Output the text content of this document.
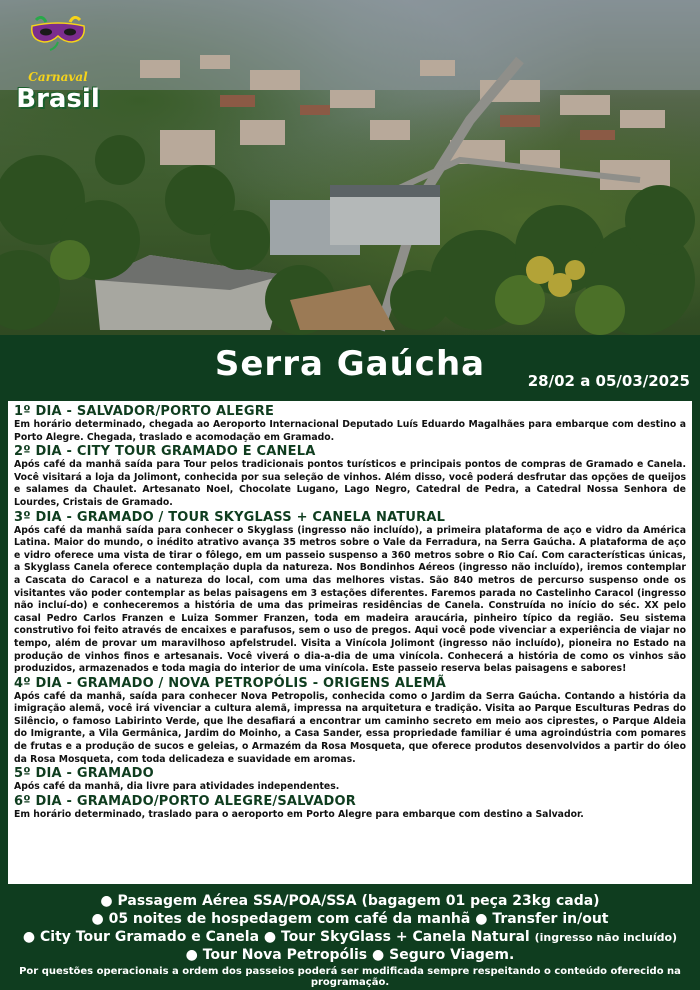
Carnaval
Brasil
Serra Gaúcha	28/02 a 05/03/2025
1º DIA - SALVADOR/PORTO ALEGRE
Em horário determinado, chegada ao Aeroporto Internacional Deputado Luís Eduardo Magalhães para embarque com destino a Porto Alegre. Chegada, traslado e acomodação em Gramado.
2º DIA - CITY TOUR GRAMADO E CANELA
Após café da manhã saída para Tour pelos tradicionais pontos turísticos e principais pontos de compras de Gramado e Canela. Você visitará a loja da Jolimont, conhecida por sua seleção de vinhos. Além disso, você poderá desfrutar das opções de queijos e salames da Chaulet. Artesanato Noel, Chocolate Lugano, Lago Negro, Catedral de Pedra, a Catedral Nossa Senhora de Lourdes, Cristais de Gramado.
3º DIA - GRAMADO / TOUR SKYGLASS + CANELA NATURAL
Após café da manhã saída para conhecer o Skyglass (ingresso não incluído), a primeira plataforma de aço e vidro da América Latina. Maior do mundo, o inédito atrativo avança 35 metros sobre o Vale da Ferradura, na Serra Gaúcha. A plataforma de aço e vidro oferece uma vista de tirar o fôlego, em um passeio suspenso a 360 metros sobre o Rio Caí. Com características únicas, a Skyglass Canela oferece contemplação dupla da natureza. Nos Bondinhos Aéreos (ingresso não incluído), iremos contemplar a Cascata do Caracol e a natureza do local, com uma das melhores vistas. São 840 metros de percurso suspenso onde os visitantes vão poder contemplar as belas paisagens em 3 estações diferentes. Faremos parada no Castelinho Caracol (ingresso não incluí-do) e conheceremos a história de uma das primeiras residências de Canela. Construída no início do séc. XX pelo casal Pedro Carlos Franzen e Luiza Sommer Franzen, toda em madeira araucária, pinheiro típico da região. Seu sistema construtivo foi feito através de encaixes e parafusos, sem o uso de pregos. Aqui você pode vivenciar a experiência de viajar no tempo, além de provar um maravilhoso apfelstrudel. Visita a Vinícola Jolimont (ingresso não incluído), pioneira no Estado na produção de vinhos finos e artesanais. Você viverá o dia-a-dia de uma vinícola. Conhecerá a história de como os vinhos são produzidos, armazenados e toda magia do interior de uma vinícola. Este passeio reserva belas paisagens e sabores!
4º DIA - GRAMADO / NOVA PETROPÓLIS - ORIGENS ALEMÃ
Após café da manhã, saída para conhecer Nova Petropolis, conhecida como o Jardim da Serra Gaúcha. Contando a história da imigração alemã, você irá vivenciar a cultura alemã, impressa na arquitetura e tradição. Visita ao Parque Esculturas Pedras do Silêncio, o famoso Labirinto Verde, que lhe desafiará a encontrar um caminho secreto em meio aos ciprestes, o Parque Aldeia do Imigrante, a Vila Germânica, Jardim do Moinho, a Casa Sander, essa propriedade familiar é uma agroindústria com pomares de frutas e a produção de sucos e geleias, o Armazém da Rosa Mosqueta, que oferece produtos desenvolvidos a partir do óleo da Rosa Mosqueta, com toda delicadeza e suavidade em aromas.
5º DIA - GRAMADO
Após café da manhã, dia livre para atividades independentes.
6º DIA - GRAMADO/PORTO ALEGRE/SALVADOR
Em horário determinado, traslado para o aeroporto em Porto Alegre para embarque com destino a Salvador.
● Passagem Aérea SSA/POA/SSA (bagagem 01 peça 23kg cada)
● 05 noites de hospedagem com café da manhã ● Transfer in/out
● City Tour Gramado e Canela ● Tour SkyGlass + Canela Natural (ingresso não incluído)
● Tour Nova Petropólis ● Seguro Viagem.
Por questões operacionais a ordem dos passeios poderá ser modificada sempre respeitando o conteúdo oferecido na programação.
